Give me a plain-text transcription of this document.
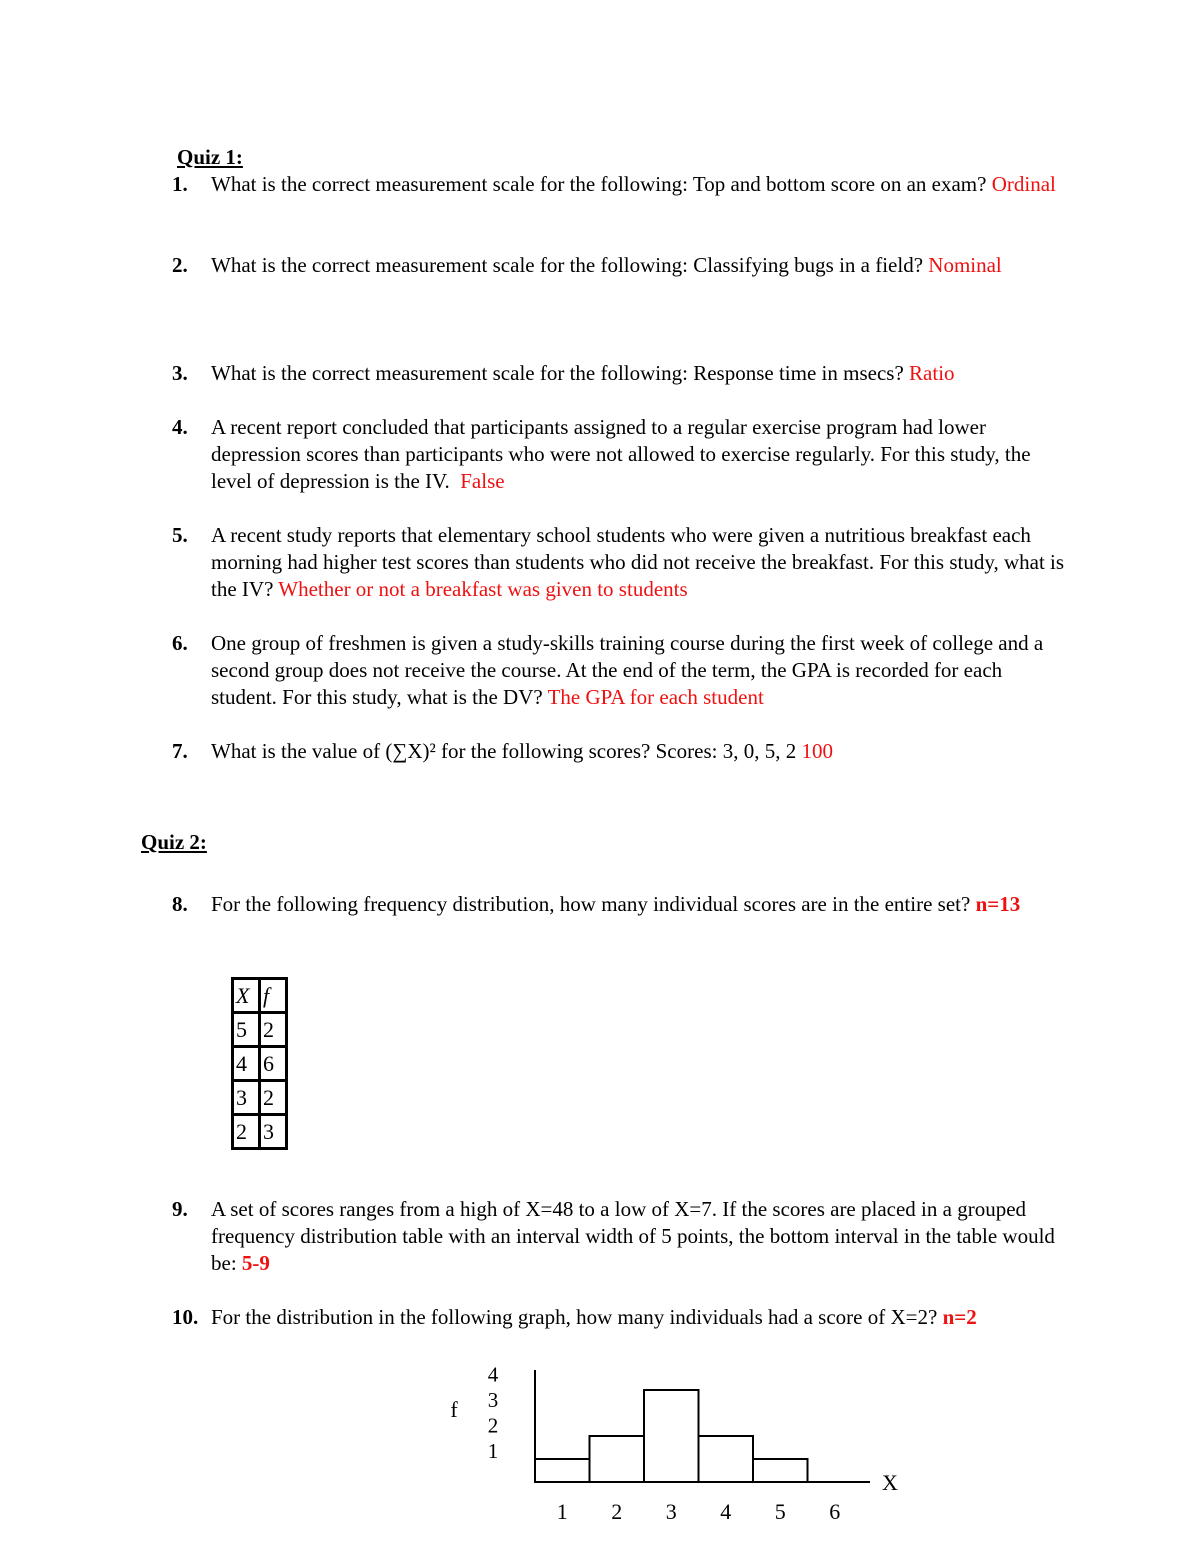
Quiz 1:
Quiz 2:
1.	What is the correct measurement scale for the following: Top and bottom score on an exam? Ordinal
2.	What is the correct measurement scale for the following: Classifying bugs in a field? Nominal
3.	What is the correct measurement scale for the following: Response time in msecs? Ratio
4.	A recent report concluded that participants assigned to a regular exercise program had lower depression scores than participants who were not allowed to exercise regularly. For this study, the level of depression is the IV. False
5.	A recent study reports that elementary school students who were given a nutritious breakfast each morning had higher test scores than students who did not receive the breakfast. For this study, what is the IV? Whether or not a breakfast was given to students
6.	One group of freshmen is given a study-skills training course during the first week of college and a second group does not receive the course. At the end of the term, the GPA is recorded for each student. For this study, what is the DV? The GPA for each student
7.	What is the value of (∑X)² for the following scores? Scores: 3, 0, 5, 2 100
8.	For the following frequency distribution, how many individual scores are in the entire set? n=13
X	f
5	2
4	6
3	2
2	3
9.	A set of scores ranges from a high of X=48 to a low of X=7. If the scores are placed in a grouped frequency distribution table with an interval width of 5 points, the bottom interval in the table would be: 5-9
10. For the distribution in the following graph, how many individuals had a score of X=2? n=2
1 2 3 4 5 6
1
2
3
4
f
X
